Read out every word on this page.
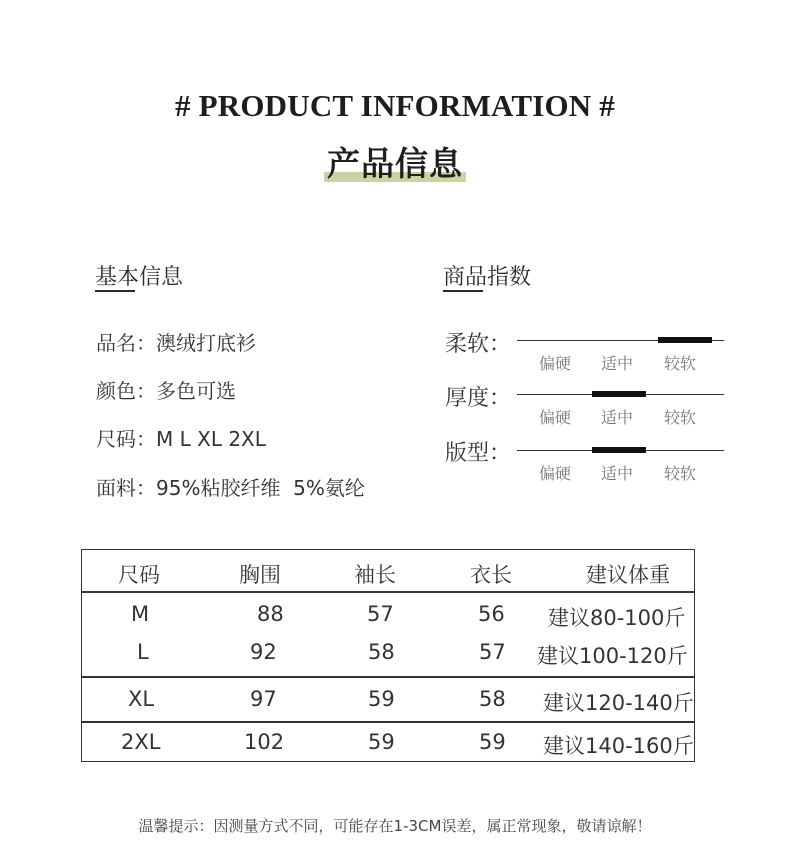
# PRODUCT INFORMATION #
产品信息
基本信息
品名：澳绒打底衫
颜色：多色可选
尺码：M L XL 2XL
面料：95%粘胶纤维  5%氨纶
商品指数
柔软：
偏硬 适中 较软
厚度：
偏硬 适中 较软
版型：
偏硬 适中 较软
尺码	胸围	袖长	衣长	建议体重
M	88	57	56 建议80-100斤
L	92	58	57 建议100-120斤
XL	97	59	58 建议120-140斤
2XL	102	59	59 建议140-160斤
温馨提示：因测量方式不同，可能存在1-3CM误差，属正常现象，敬请谅解！
